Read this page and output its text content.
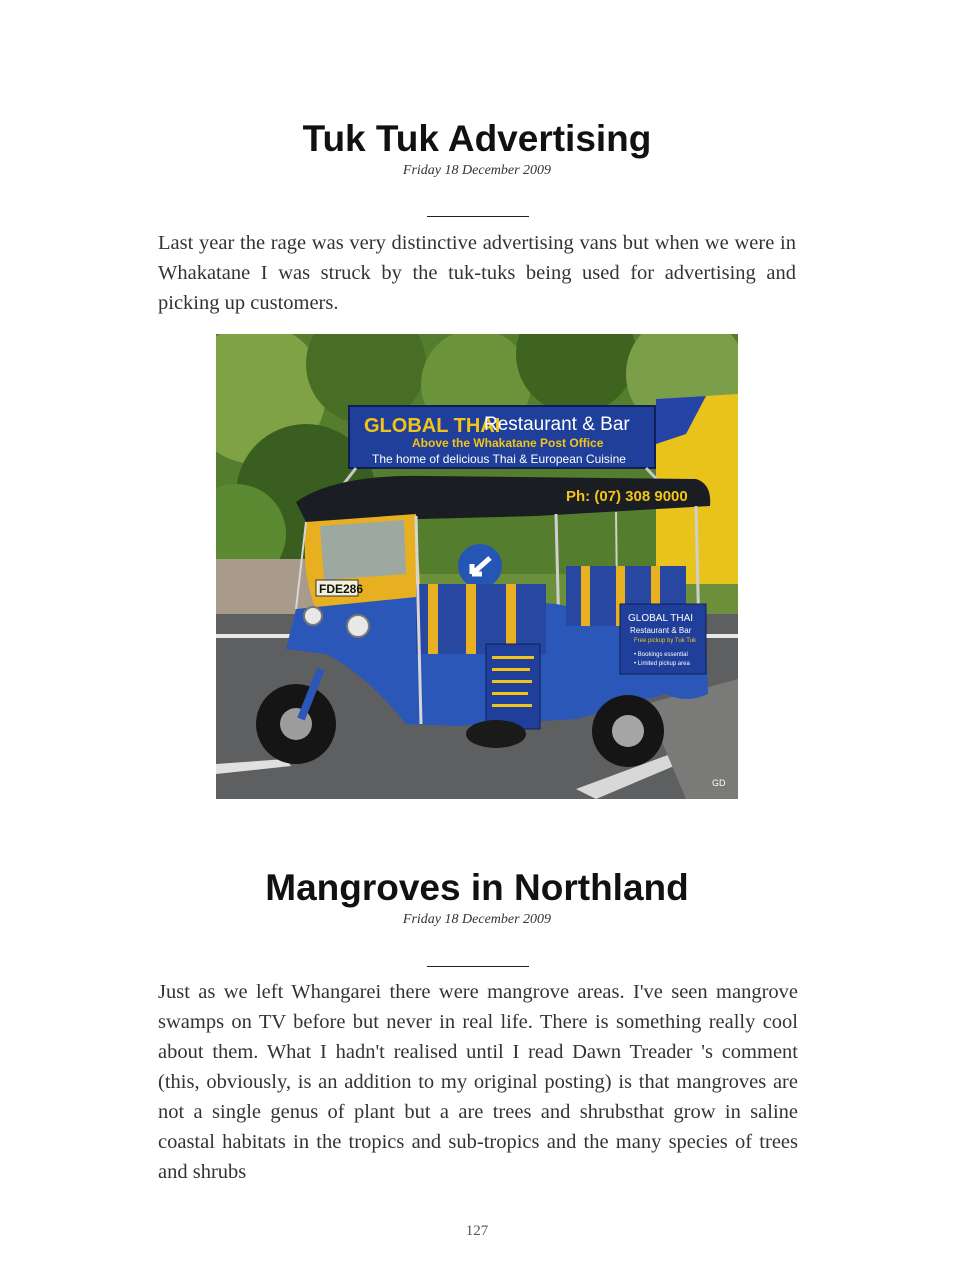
Tuk Tuk Advertising
Friday 18 December 2009

Last year the rage was very distinctive advertising vans but when we were in Whakatane I was struck by the tuk-tuks being used for advertising and picking up customers.

GLOBAL THAI
Restaurant & Bar
Above the Whakatane Post Office
The home of delicious Thai & European Cuisine
Ph: (07) 308 9000
FDE286
GLOBAL THAI
Restaurant & Bar
Free pickup by Tuk Tuk
• Bookings essential
• Limited pickup area
GD
Mangroves in Northland
Friday 18 December 2009

Just as we left Whangarei there were mangrove areas. I've seen mangrove swamps on TV before but never in real life. There is something really cool about them. What I hadn't realised until I read Dawn Treader 's comment (this, obviously, is an addition to my original posting) is that mangroves are not a single genus of plant but a are trees and shrubsthat grow in saline coastal habitats in the tropics and sub-tropics and the many species of trees and shrubs

127
